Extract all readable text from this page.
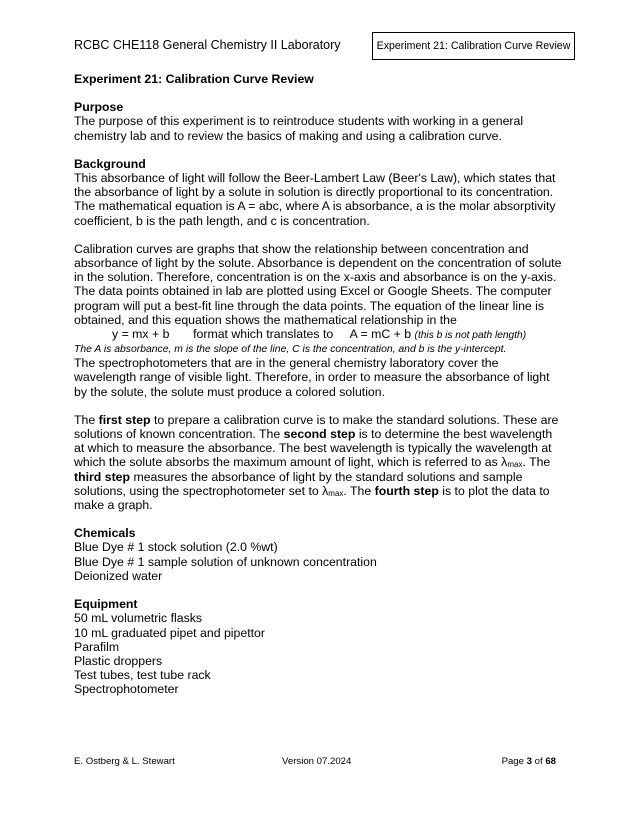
RCBC CHE118 General Chemistry II Laboratory	Experiment 21: Calibration Curve Review

Experiment 21: Calibration Curve Review

Purpose

The purpose of this experiment is to reintroduce students with working in a general chemistry lab and to review the basics of making and using a calibration curve.

Background

This absorbance of light will follow the Beer-Lambert Law (Beer's Law), which states that the absorbance of light by a solute in solution is directly proportional to its concentration. The mathematical equation is A = abc, where A is absorbance, a is the molar absorptivity coefficient, b is the path length, and c is concentration.

Calibration curves are graphs that show the relationship between concentration and absorbance of light by the solute. Absorbance is dependent on the concentration of solute in the solution. Therefore, concentration is on the x-axis and absorbance is on the y-axis. The data points obtained in lab are plotted using Excel or Google Sheets. The computer program will put a best-fit line through the data points. The equation of the linear line is obtained, and this equation shows the mathematical relationship in the

y = mx + b format which translates to A = mC + b (this b is not path length)

The A is absorbance, m is the slope of the line, C is the concentration, and b is the y-intercept.

The spectrophotometers that are in the general chemistry laboratory cover the wavelength range of visible light. Therefore, in order to measure the absorbance of light by the solute, the solute must produce a colored solution.

The first step to prepare a calibration curve is to make the standard solutions. These are solutions of known concentration. The second step is to determine the best wavelength at which to measure the absorbance. The best wavelength is typically the wavelength at which the solute absorbs the maximum amount of light, which is referred to as $\lambda_{max}$. The third step measures the absorbance of light by the standard solutions and sample solutions, using the spectrophotometer set to $\lambda_{max}$. The fourth step is to plot the data to make a graph.

Chemicals

Blue Dye # 1 stock solution (2.0 %wt)

Blue Dye # 1 sample solution of unknown concentration

Deionized water

Equipment

50 mL volumetric flasks

10 mL graduated pipet and pipettor

Parafilm

Plastic droppers

Test tubes, test tube rack

Spectrophotometer

E. Ostberg & L. Stewart	Version 07.2024	Page 3 of 68
